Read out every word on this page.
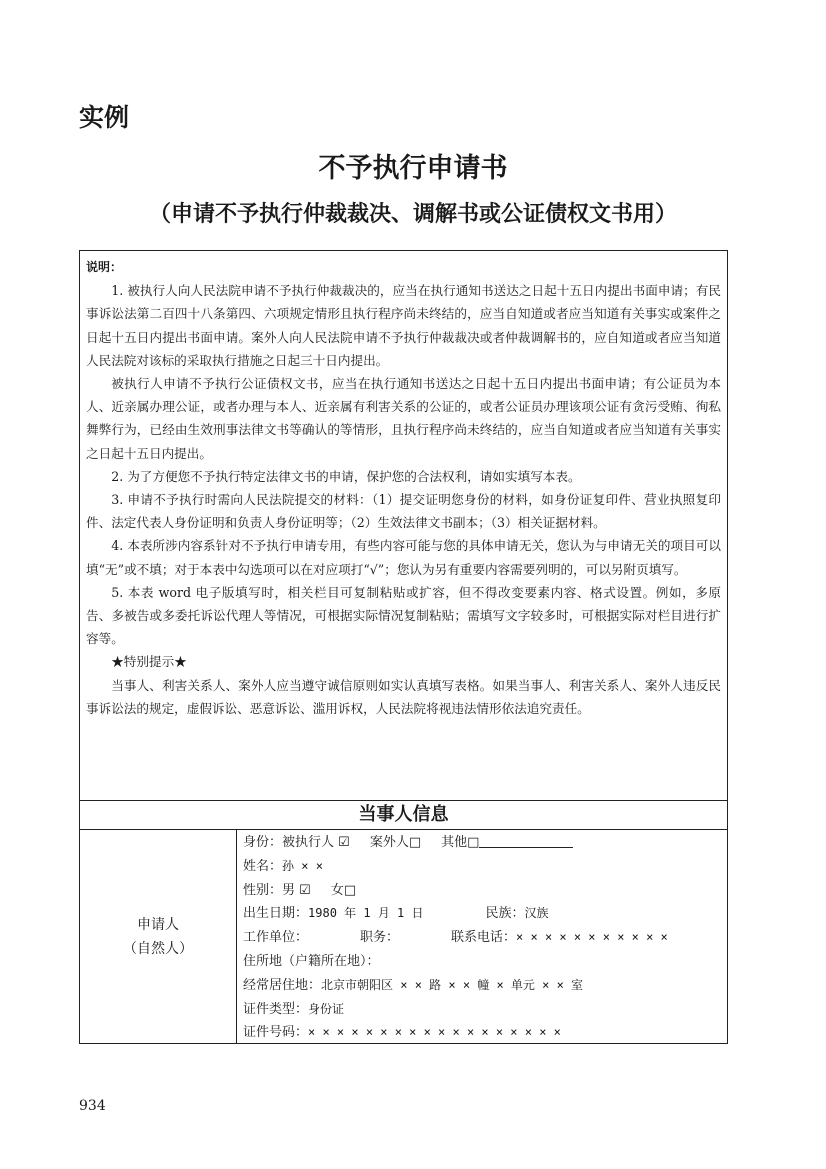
实例
不予执行申请书
（申请不予执行仲裁裁决、调解书或公证债权文书用）

说明：

1. 被执行人向人民法院申请不予执行仲裁裁决的，应当在执行通知书送达之日起十五日内提出书面申请；有民事诉讼法第二百四十八条第四、六项规定情形且执行程序尚未终结的，应当自知道或者应当知道有关事实或案件之日起十五日内提出书面申请。案外人向人民法院申请不予执行仲裁裁决或者仲裁调解书的，应自知道或者应当知道人民法院对该标的采取执行措施之日起三十日内提出。

被执行人申请不予执行公证债权文书，应当在执行通知书送达之日起十五日内提出书面申请；有公证员为本人、近亲属办理公证，或者办理与本人、近亲属有利害关系的公证的，或者公证员办理该项公证有贪污受贿、徇私舞弊行为，已经由生效刑事法律文书等确认的等情形，且执行程序尚未终结的，应当自知道或者应当知道有关事实之日起十五日内提出。

2. 为了方便您不予执行特定法律文书的申请，保护您的合法权利，请如实填写本表。

3. 申请不予执行时需向人民法院提交的材料：（1）提交证明您身份的材料，如身份证复印件、营业执照复印件、法定代表人身份证明和负责人身份证明等；（2）生效法律文书副本；（3）相关证据材料。

4. 本表所涉内容系针对不予执行申请专用，有些内容可能与您的具体申请无关，您认为与申请无关的项目可以填“无”或不填；对于本表中勾选项可以在对应项打“√”；您认为另有重要内容需要列明的，可以另附页填写。

5. 本表 word 电子版填写时，相关栏目可复制粘贴或扩容，但不得改变要素内容、格式设置。例如，多原告、多被告或多委托诉讼代理人等情况，可根据实际情况复制粘贴；需填写文字较多时，可根据实际对栏目进行扩容等。

★特别提示★

当事人、利害关系人、案外人应当遵守诚信原则如实认真填写表格。如果当事人、利害关系人、案外人违反民事诉讼法的规定，虚假诉讼、恶意诉讼、滥用诉权，人民法院将视违法情形依法追究责任。

当事人信息
申请人
（自然人）
身份：被执行人 ☑ 案外人□ 其他□
姓名：孙 × ×
性别：男 ☑ 女□
出生日期：1980 年 1 月 1 日	民族：汉族
工作单位：	职务：	联系电话：× × × × × × × × × × ×
住所地（户籍所在地）：
经常居住地：北京市朝阳区 × × 路 × × 幢 × 单元 × × 室
证件类型：身份证
证件号码：× × × × × × × × × × × × × × × × × ×
934
